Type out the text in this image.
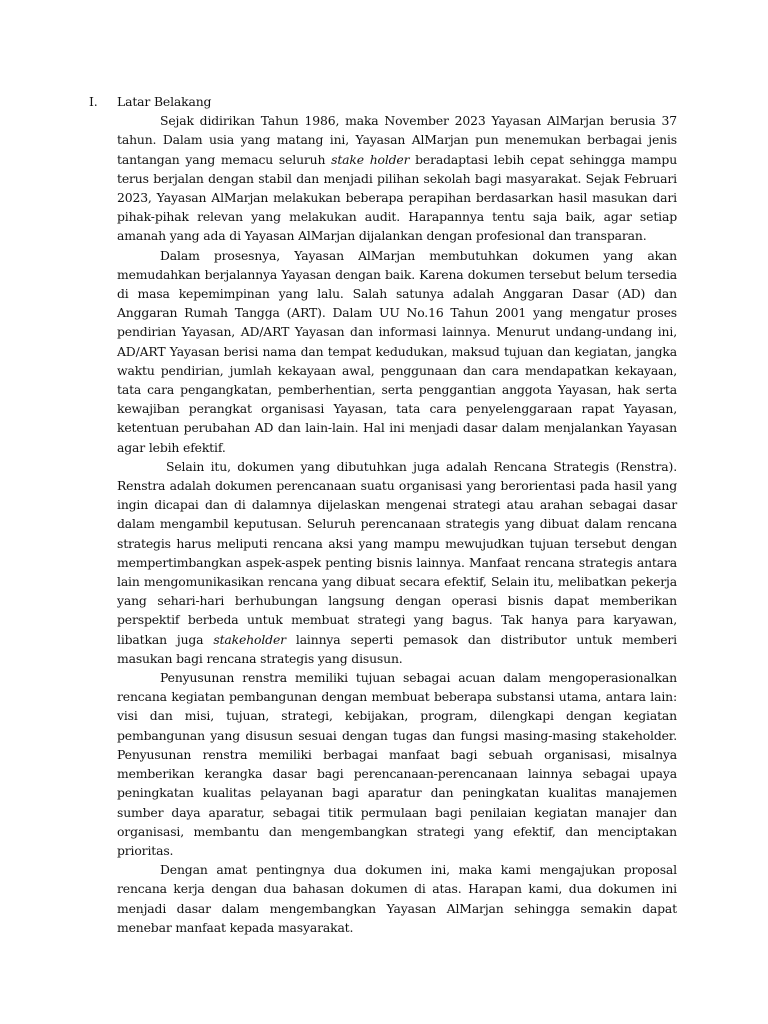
I. Latar Belakang

Sejak didirikan Tahun 1986, maka November 2023 Yayasan AlMarjan berusia 37 tahun. Dalam usia yang matang ini, Yayasan AlMarjan pun menemukan berbagai jenis tantangan yang memacu seluruh stake holder beradaptasi lebih cepat sehingga mampu terus berjalan dengan stabil dan menjadi pilihan sekolah bagi masyarakat. Sejak Februari 2023, Yayasan AlMarjan melakukan beberapa perapihan berdasarkan hasil masukan dari pihak-pihak relevan yang melakukan audit. Harapannya tentu saja baik, agar setiap amanah yang ada di Yayasan AlMarjan dijalankan dengan profesional dan transparan.

Dalam prosesnya, Yayasan AlMarjan membutuhkan dokumen yang akan memudahkan berjalannya Yayasan dengan baik. Karena dokumen tersebut belum tersedia di masa kepemimpinan yang lalu. Salah satunya adalah Anggaran Dasar (AD) dan Anggaran Rumah Tangga (ART). Dalam UU No.16 Tahun 2001 yang mengatur proses pendirian Yayasan, AD/ART Yayasan dan informasi lainnya. Menurut undang-undang ini, AD/ART Yayasan berisi nama dan tempat kedudukan, maksud tujuan dan kegiatan, jangka waktu pendirian, jumlah kekayaan awal, penggunaan dan cara mendapatkan kekayaan, tata cara pengangkatan, pemberhentian, serta penggantian anggota Yayasan, hak serta kewajiban perangkat organisasi Yayasan, tata cara penyelenggaraan rapat Yayasan, ketentuan perubahan AD dan lain-lain. Hal ini menjadi dasar dalam menjalankan Yayasan agar lebih efektif.

Selain itu, dokumen yang dibutuhkan juga adalah Rencana Strategis (Renstra). Renstra adalah dokumen perencanaan suatu organisasi yang berorientasi pada hasil yang ingin dicapai dan di dalamnya dijelaskan mengenai strategi atau arahan sebagai dasar dalam mengambil keputusan. Seluruh perencanaan strategis yang dibuat dalam rencana strategis harus meliputi rencana aksi yang mampu mewujudkan tujuan tersebut dengan mempertimbangkan aspek-aspek penting bisnis lainnya. Manfaat rencana strategis antara lain mengomunikasikan rencana yang dibuat secara efektif, Selain itu, melibatkan pekerja yang sehari-hari berhubungan langsung dengan operasi bisnis dapat memberikan perspektif berbeda untuk membuat strategi yang bagus. Tak hanya para karyawan, libatkan juga stakeholder lainnya seperti pemasok dan distributor untuk memberi masukan bagi rencana strategis yang disusun.

Penyusunan renstra memiliki tujuan sebagai acuan dalam mengoperasionalkan rencana kegiatan pembangunan dengan membuat beberapa substansi utama, antara lain: visi dan misi, tujuan, strategi, kebijakan, program, dilengkapi dengan kegiatan pembangunan yang disusun sesuai dengan tugas dan fungsi masing-masing stakeholder. Penyusunan renstra memiliki berbagai manfaat bagi sebuah organisasi, misalnya memberikan kerangka dasar bagi perencanaan-perencanaan lainnya sebagai upaya peningkatan kualitas pelayanan bagi aparatur dan peningkatan kualitas manajemen sumber daya aparatur, sebagai titik permulaan bagi penilaian kegiatan manajer dan organisasi, membantu dan mengembangkan strategi yang efektif, dan menciptakan prioritas.

Dengan amat pentingnya dua dokumen ini, maka kami mengajukan proposal rencana kerja dengan dua bahasan dokumen di atas. Harapan kami, dua dokumen ini menjadi dasar dalam mengembangkan Yayasan AlMarjan sehingga semakin dapat menebar manfaat kepada masyarakat.
